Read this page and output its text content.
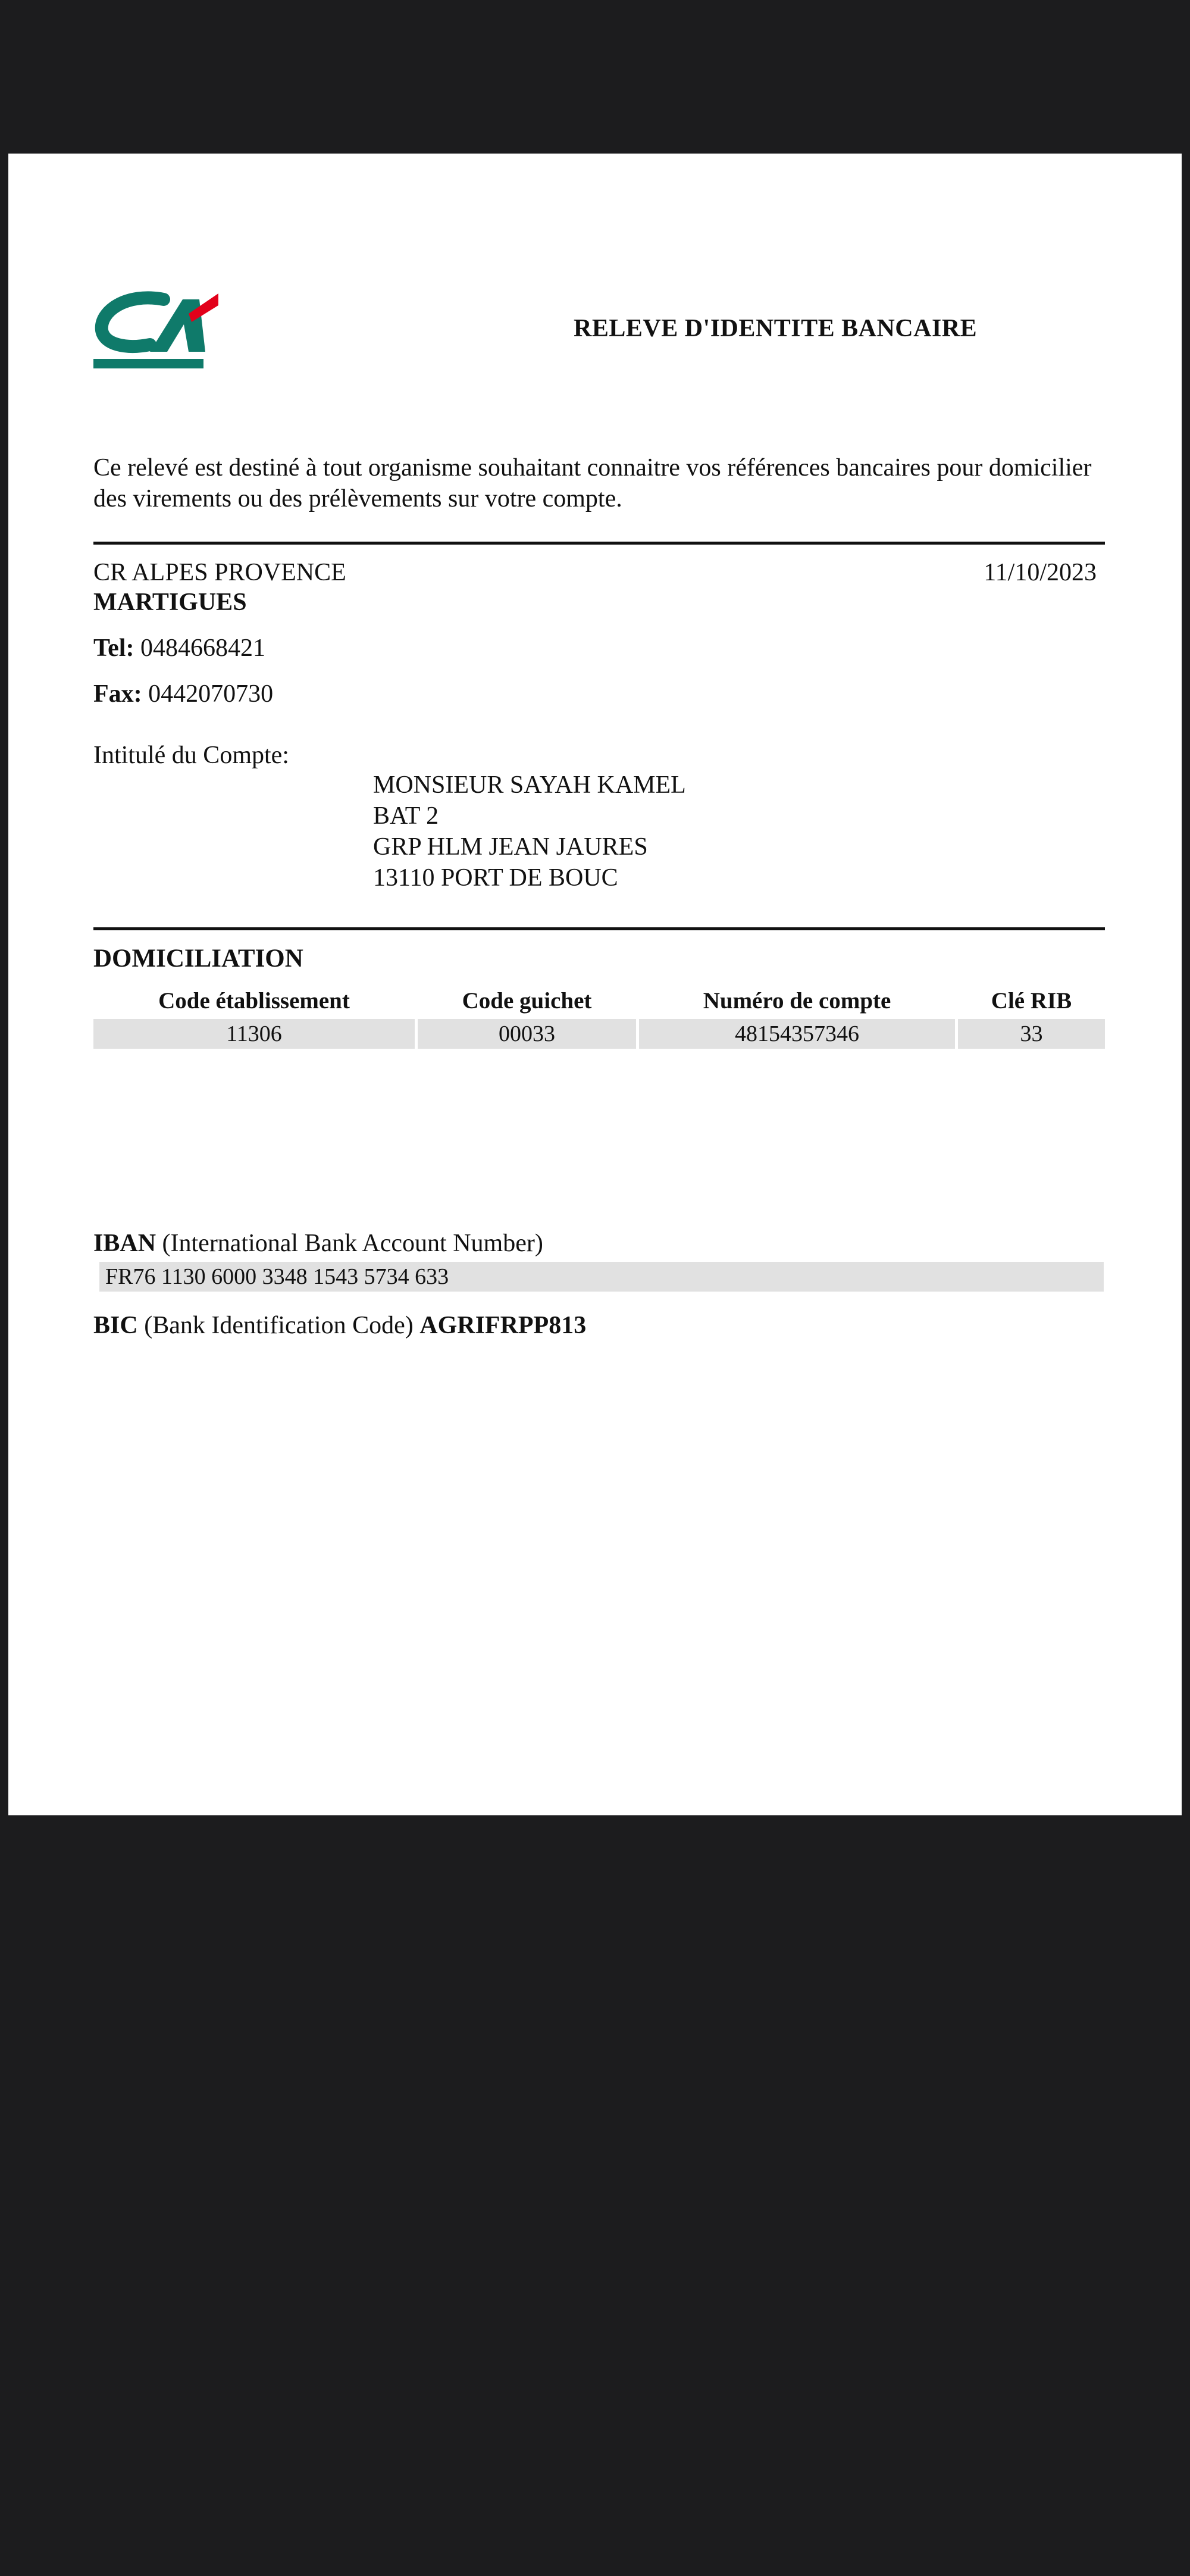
RELEVE D'IDENTITE BANCAIRE
Ce relevé est destiné à tout organisme souhaitant connaitre vos références bancaires pour domicilier des virements ou des prélèvements sur votre compte.
CR ALPES PROVENCE	11/10/2023
MARTIGUES
Tel: 0484668421
Fax: 0442070730
Intitulé du Compte:
MONSIEUR SAYAH KAMEL
BAT 2
GRP HLM JEAN JAURES
13110 PORT DE BOUC
DOMICILIATION
Code établissement	Code guichet	Numéro de compte	Clé RIB
11306	00033	48154357346	33
IBAN (International Bank Account Number)
FR76 1130 6000 3348 1543 5734 633
BIC (Bank Identification Code) AGRIFRPP813
